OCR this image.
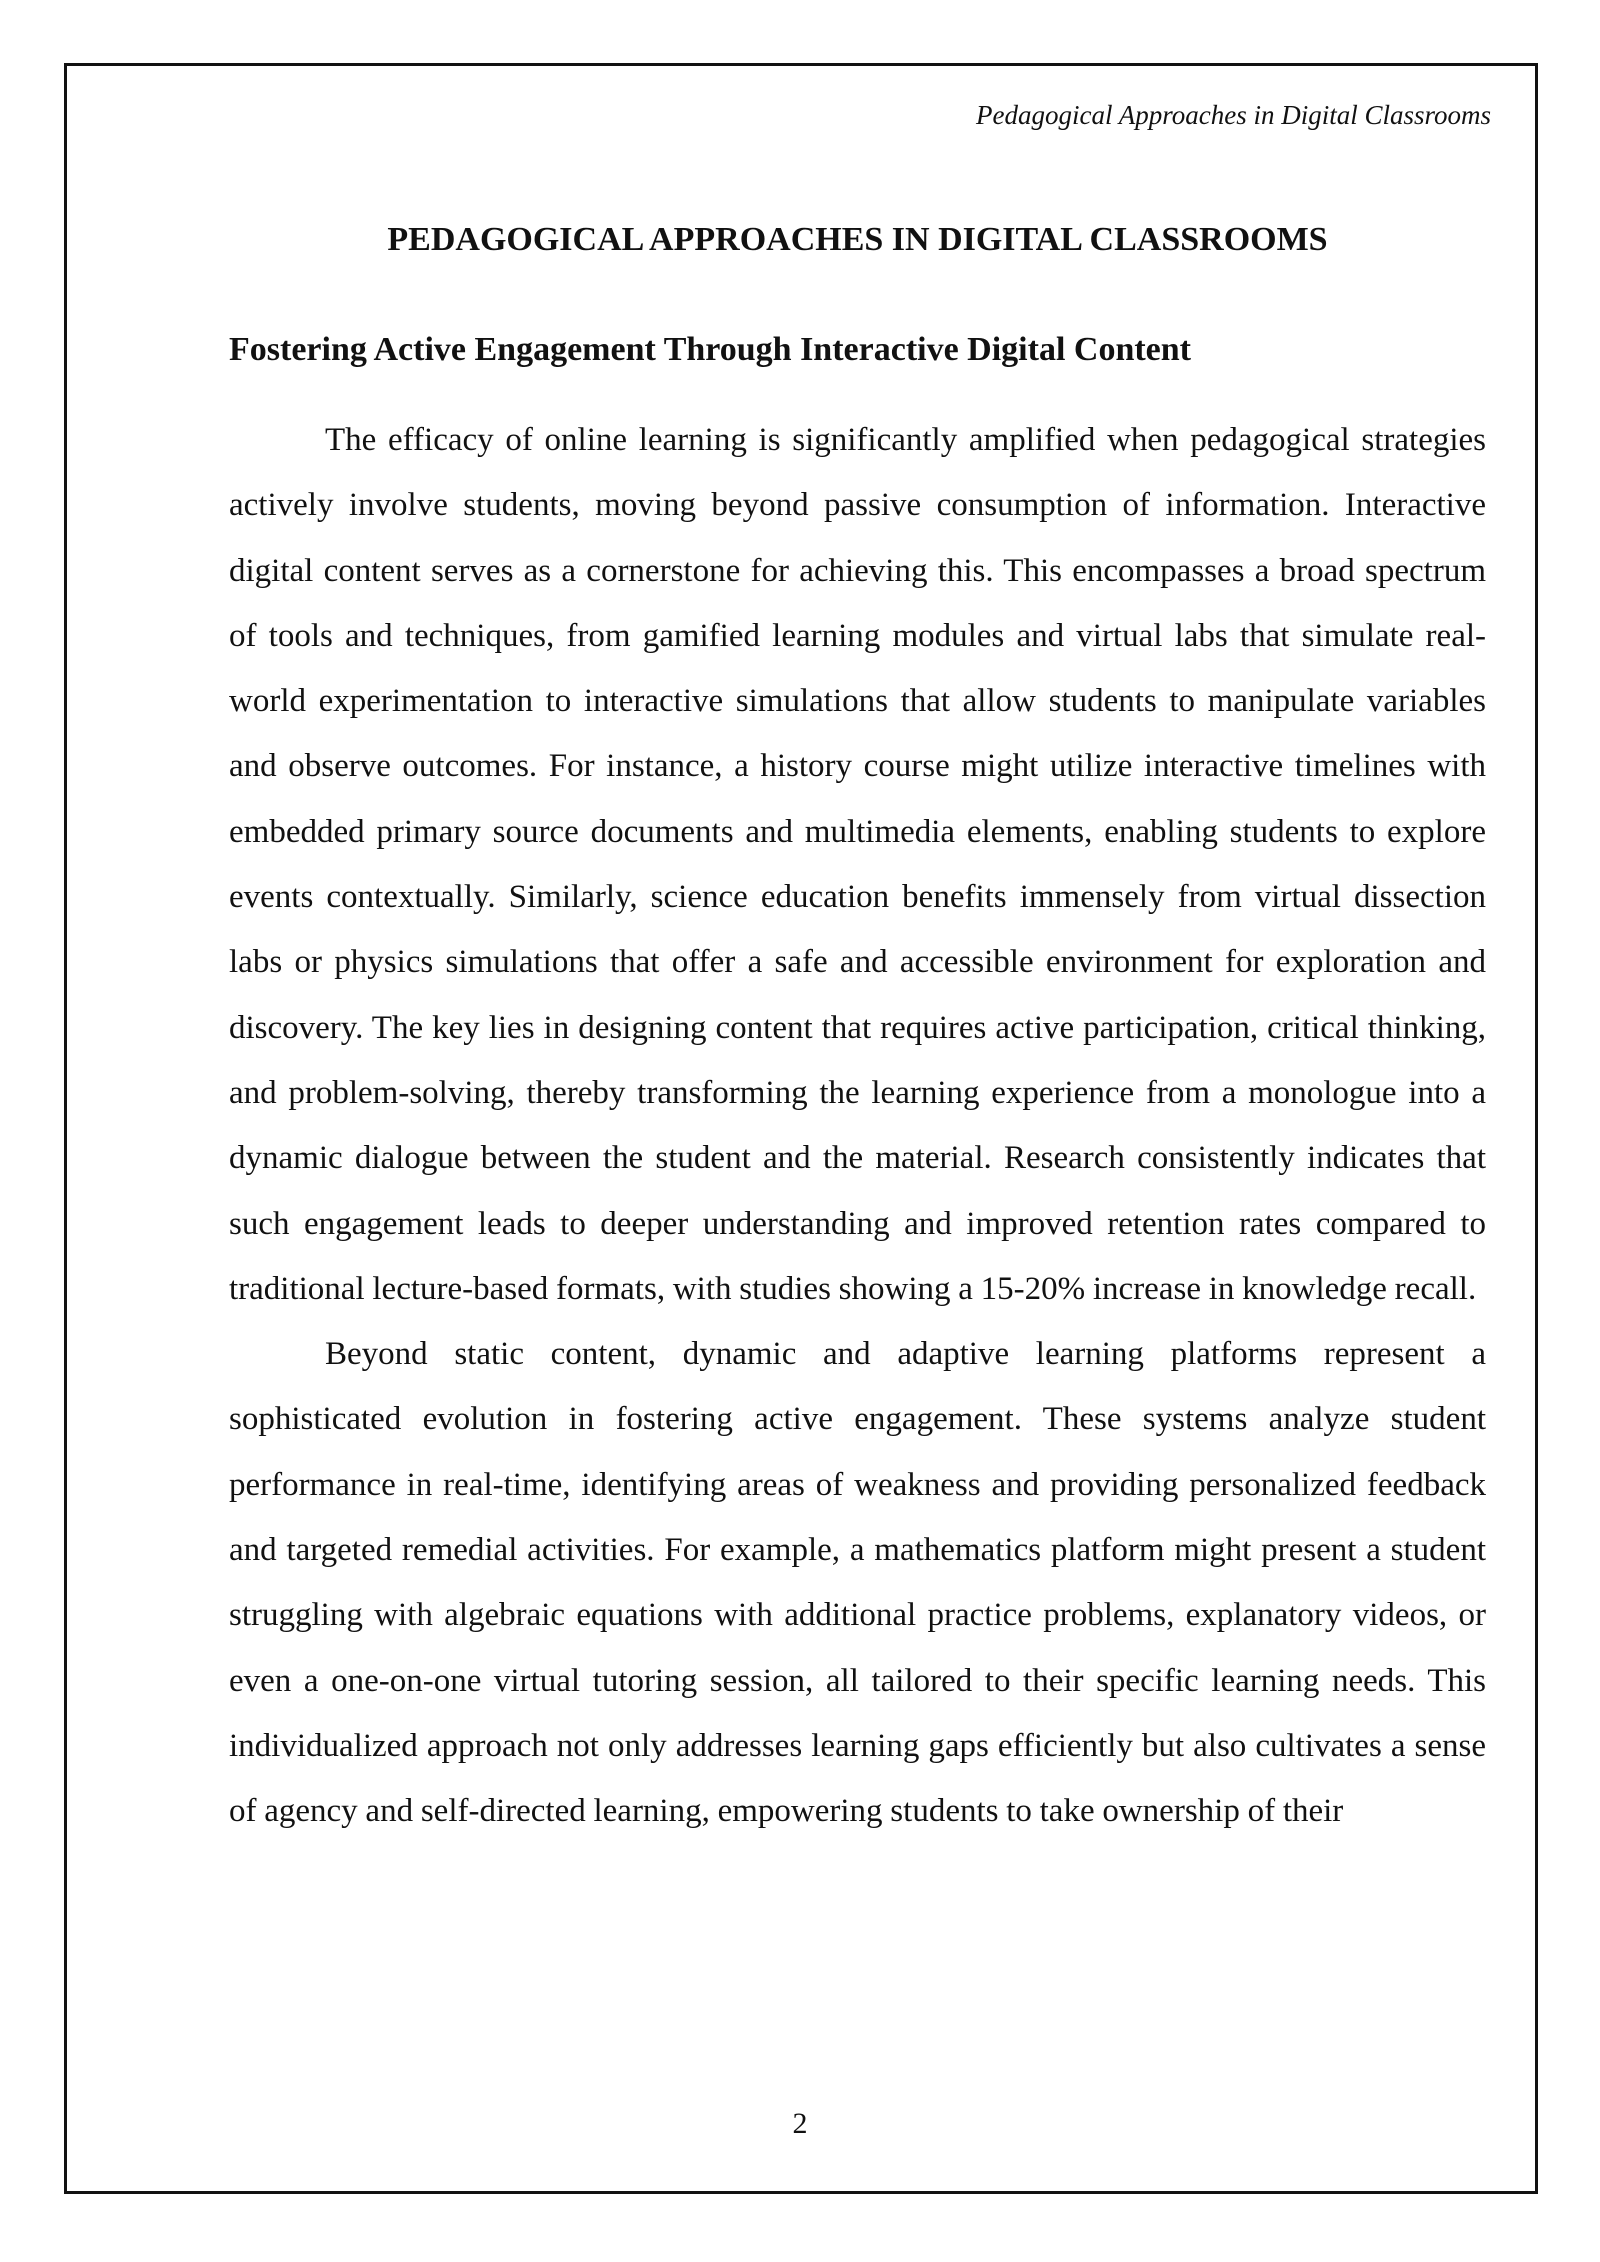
Pedagogical Approaches in Digital Classrooms
PEDAGOGICAL APPROACHES IN DIGITAL CLASSROOMS
Fostering Active Engagement Through Interactive Digital Content

The efficacy of online learning is significantly amplified when pedagogical strategies actively involve students, moving beyond passive consumption of information. Interactive digital content serves as a cornerstone for achieving this. This encompasses a broad spectrum of tools and techniques, from gamified learning modules and virtual labs that simulate real-world experimentation to interactive simulations that allow students to manipulate variables and observe outcomes. For instance, a history course might utilize interactive timelines with embedded primary source documents and multimedia elements, enabling students to explore events contextually. Similarly, science education benefits immensely from virtual dissection labs or physics simulations that offer a safe and accessible environment for exploration and discovery. The key lies in designing content that requires active participation, critical thinking, and problem-solving, thereby transforming the learning experience from a monologue into a dynamic dialogue between the student and the material. Research consistently indicates that such engagement leads to deeper understanding and improved retention rates compared to traditional lecture-based formats, with studies showing a 15-20% increase in knowledge recall.

Beyond static content, dynamic and adaptive learning platforms represent a sophisticated evolution in fostering active engagement. These systems analyze student performance in real-time, identifying areas of weakness and providing personalized feedback and targeted remedial activities. For example, a mathematics platform might present a student struggling with algebraic equations with additional practice problems, explanatory videos, or even a one-on-one virtual tutoring session, all tailored to their specific learning needs. This individualized approach not only addresses learning gaps efficiently but also cultivates a sense of agency and self-directed learning, empowering students to take ownership of their

2
